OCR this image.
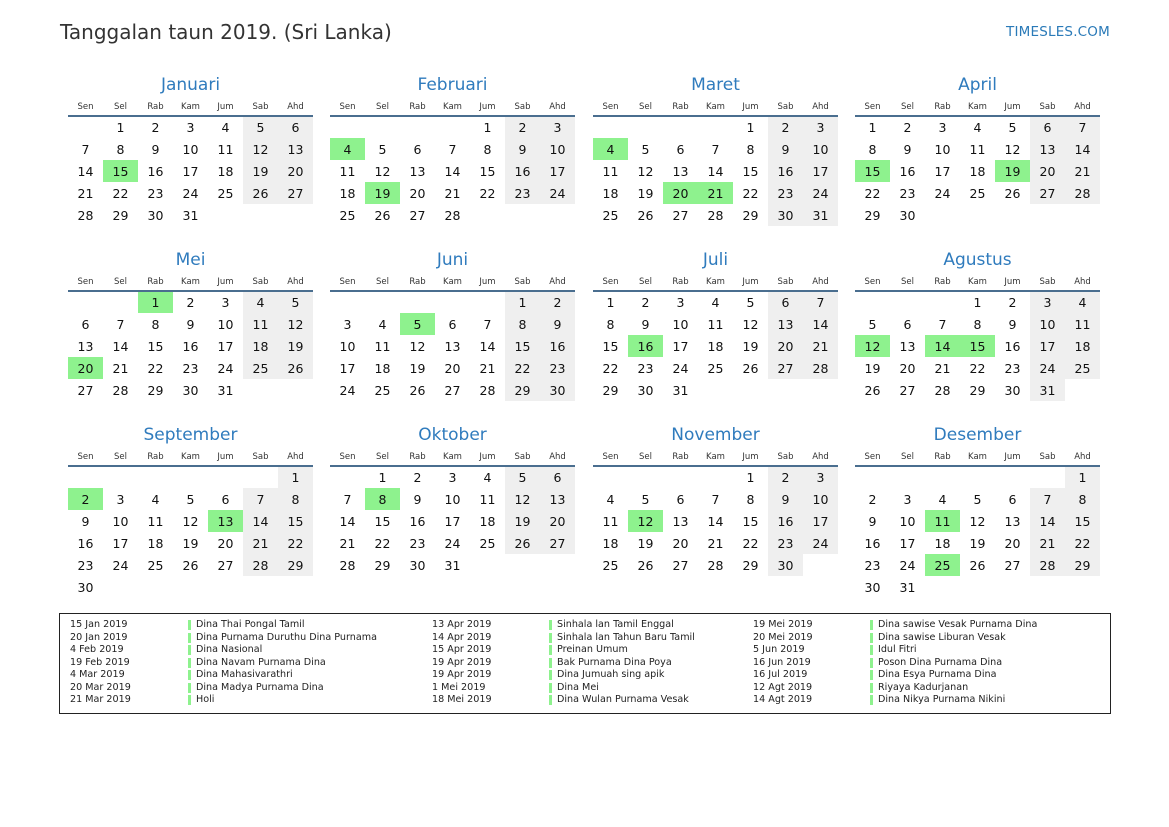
Tanggalan taun 2019. (Sri Lanka)	TIMESLES.COM
Januari
Sen	Sel	Rab	Kam	Jum	Sab	Ahd
	1	2	3	4	5	6
7	8	9	10	11	12	13
14	15	16	17	18	19	20
21	22	23	24	25	26	27
28	29	30	31			
Februari
Sen	Sel	Rab	Kam	Jum	Sab	Ahd
				1	2	3
4	5	6	7	8	9	10
11	12	13	14	15	16	17
18	19	20	21	22	23	24
25	26	27	28			
Maret
Sen	Sel	Rab	Kam	Jum	Sab	Ahd
				1	2	3
4	5	6	7	8	9	10
11	12	13	14	15	16	17
18	19	20	21	22	23	24
25	26	27	28	29	30	31
April
Sen	Sel	Rab	Kam	Jum	Sab	Ahd
1	2	3	4	5	6	7
8	9	10	11	12	13	14
15	16	17	18	19	20	21
22	23	24	25	26	27	28
29	30					
Mei
Sen	Sel	Rab	Kam	Jum	Sab	Ahd
		1	2	3	4	5
6	7	8	9	10	11	12
13	14	15	16	17	18	19
20	21	22	23	24	25	26
27	28	29	30	31		
Juni
Sen	Sel	Rab	Kam	Jum	Sab	Ahd
					1	2
3	4	5	6	7	8	9
10	11	12	13	14	15	16
17	18	19	20	21	22	23
24	25	26	27	28	29	30
Juli
Sen	Sel	Rab	Kam	Jum	Sab	Ahd
1	2	3	4	5	6	7
8	9	10	11	12	13	14
15	16	17	18	19	20	21
22	23	24	25	26	27	28
29	30	31				
Agustus
Sen	Sel	Rab	Kam	Jum	Sab	Ahd
			1	2	3	4
5	6	7	8	9	10	11
12	13	14	15	16	17	18
19	20	21	22	23	24	25
26	27	28	29	30	31	
September
Sen	Sel	Rab	Kam	Jum	Sab	Ahd
						1
2	3	4	5	6	7	8
9	10	11	12	13	14	15
16	17	18	19	20	21	22
23	24	25	26	27	28	29
30						
Oktober
Sen	Sel	Rab	Kam	Jum	Sab	Ahd
	1	2	3	4	5	6
7	8	9	10	11	12	13
14	15	16	17	18	19	20
21	22	23	24	25	26	27
28	29	30	31			
November
Sen	Sel	Rab	Kam	Jum	Sab	Ahd
				1	2	3
4	5	6	7	8	9	10
11	12	13	14	15	16	17
18	19	20	21	22	23	24
25	26	27	28	29	30	
Desember
Sen	Sel	Rab	Kam	Jum	Sab	Ahd
						1
2	3	4	5	6	7	8
9	10	11	12	13	14	15
16	17	18	19	20	21	22
23	24	25	26	27	28	29
30	31					
15 Jan 2019	Dina Thai Pongal Tamil
20 Jan 2019	Dina Purnama Duruthu Dina Purnama
4 Feb 2019	Dina Nasional
19 Feb 2019	Dina Navam Purnama Dina
4 Mar 2019	Dina Mahasivarathri
20 Mar 2019	Dina Madya Purnama Dina
21 Mar 2019	Holi
13 Apr 2019	Sinhala lan Tamil Enggal
14 Apr 2019	Sinhala lan Tahun Baru Tamil
15 Apr 2019	Preinan Umum
19 Apr 2019	Bak Purnama Dina Poya
19 Apr 2019	Dina Jumuah sing apik
1 Mei 2019	Dina Mei
18 Mei 2019	Dina Wulan Purnama Vesak
19 Mei 2019	Dina sawise Vesak Purnama Dina
20 Mei 2019	Dina sawise Liburan Vesak
5 Jun 2019	Idul Fitri
16 Jun 2019	Poson Dina Purnama Dina
16 Jul 2019	Dina Esya Purnama Dina
12 Agt 2019	Riyaya Kadurjanan
14 Agt 2019	Dina Nikya Purnama Nikini
